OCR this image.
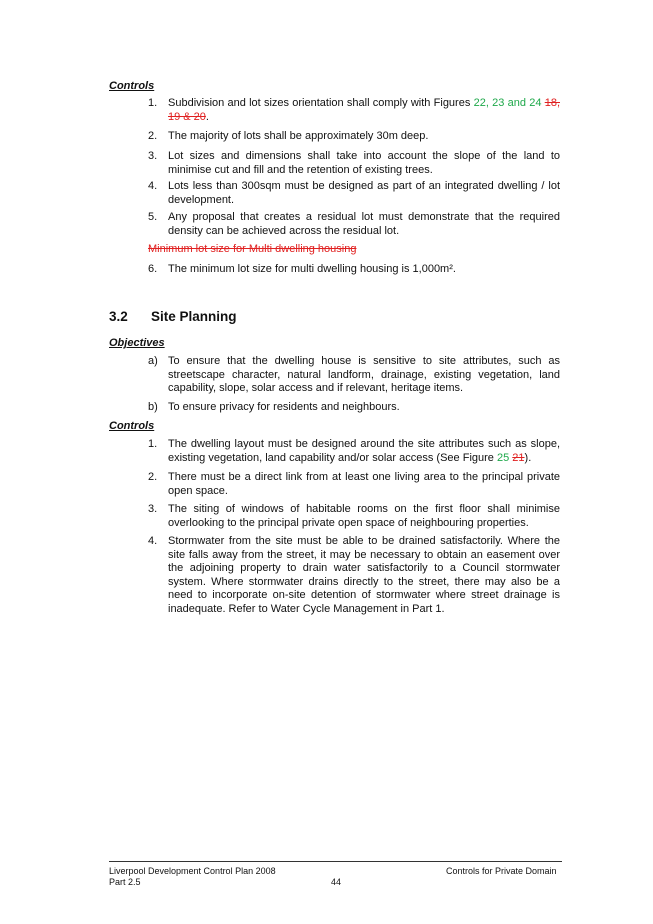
Controls
1. Subdivision and lot sizes orientation shall comply with Figures 22, 23 and 24 18, 19 & 20.
2. The majority of lots shall be approximately 30m deep.
3. Lot sizes and dimensions shall take into account the slope of the land to minimise cut and fill and the retention of existing trees.
4. Lots less than 300sqm must be designed as part of an integrated dwelling / lot development.
5. Any proposal that creates a residual lot must demonstrate that the required density can be achieved across the residual lot.
Minimum lot size for Multi dwelling housing
6. The minimum lot size for multi dwelling housing is 1,000m².
3.2 Site Planning
Objectives
a) To ensure that the dwelling house is sensitive to site attributes, such as streetscape character, natural landform, drainage, existing vegetation, land capability, slope, solar access and if relevant, heritage items.
b) To ensure privacy for residents and neighbours.
Controls
1. The dwelling layout must be designed around the site attributes such as slope, existing vegetation, land capability and/or solar access (See Figure 25 21).
2. There must be a direct link from at least one living area to the principal private open space.
3. The siting of windows of habitable rooms on the first floor shall minimise overlooking to the principal private open space of neighbouring properties.
4. Stormwater from the site must be able to be drained satisfactorily. Where the site falls away from the street, it may be necessary to obtain an easement over the adjoining property to drain water satisfactorily to a Council stormwater system. Where stormwater drains directly to the street, there may also be a need to incorporate on-site detention of stormwater where street drainage is inadequate. Refer to Water Cycle Management in Part 1.
Liverpool Development Control Plan 2008
Part 2.5	44
Controls for Private Domain
